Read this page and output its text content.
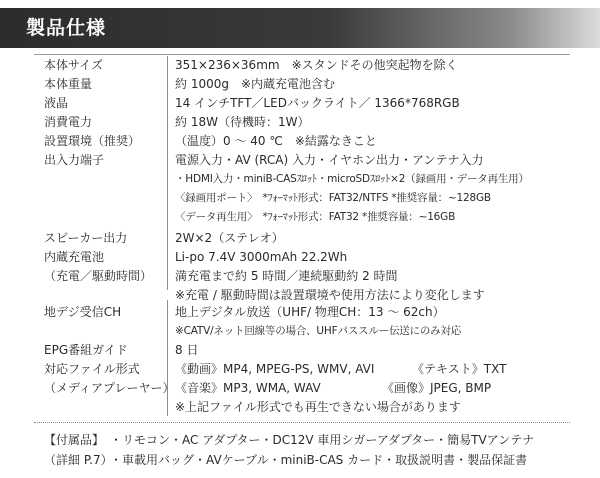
製品仕様
本体サイズ	351×236×36mm　※スタンドその他突起物を除く
本体重量	約 1000g　※内蔵充電池含む
液晶	14 インチTFT／LEDバックライト／ 1366*768RGB
消費電力	約 18W（待機時：1W）
設置環境（推奨）	（温度）0 ～ 40 ℃　※結露なきこと
出入力端子	電源入力・AV (RCA) 入力・イヤホン出力・アンテナ入力
・HDMI入力・miniB-CASｽﾛｯﾄ・microSDｽﾛｯﾄ×2（録画用・データ再生用）
〈録画用ポート〉　*ﾌｫｰﾏｯﾄ形式：FAT32/NTFS *推奨容量：~128GB
〈データ再生用〉　*ﾌｫｰﾏｯﾄ形式：FAT32 *推奨容量：~16GB
スピーカー出力	2W×2（ステレオ）
内蔵充電池	Li-po 7.4V 3000mAh 22.2Wh
（充電／駆動時間）	満充電まで約 5 時間／連続駆動約 2 時間
※充電 / 駆動時間は設置環境や使用方法により変化します
地デジ受信CH	地上デジタル放送（UHF/ 物理CH：13 ～ 62ch）
※CATV/ネット回線等の場合、UHFパススルー伝送にのみ対応
EPG番組ガイド	8 日
対応ファイル形式	《動画》MP4, MPEG-PS, WMV, AVI	《テキスト》TXT
（メディアプレーヤー） 《音楽》MP3, WMA, WAV	《画像》JPEG, BMP
※上記ファイル形式でも再生できない場合があります
【付属品】 ・リモコン・AC アダプター・DC12V 車用シガーアダプター・簡易TVアンテナ
（詳細 P.7）
・車載用バッグ・AVケーブル・miniB-CAS カード・取扱説明書・製品保証書
